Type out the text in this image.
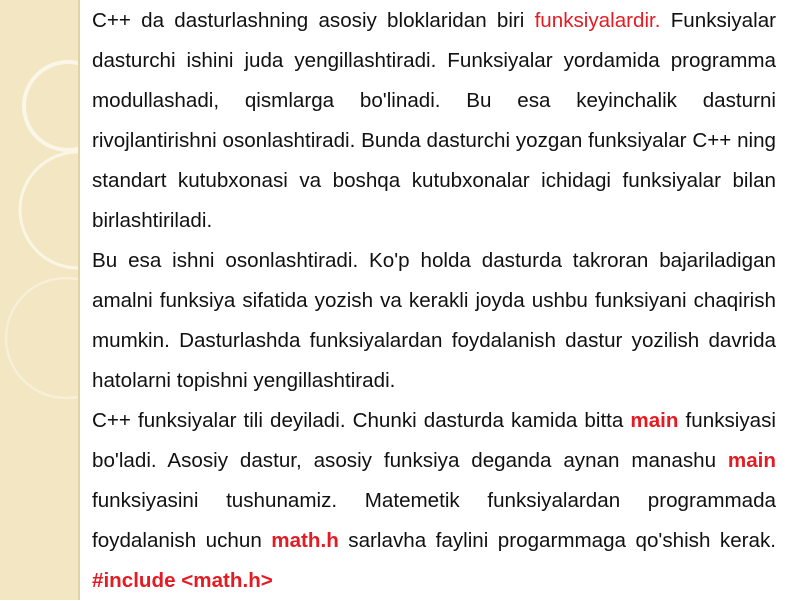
C++ da dasturlashning asosiy bloklaridan biri funksiyalardir. Funksiyalar dasturchi ishini juda yengillashtiradi. Funksiyalar yordamida programma modullashadi, qismlarga bo'linadi. Bu esa keyinchalik dasturni rivojlantirishni osonlashtiradi. Bunda dasturchi yozgan funksiyalar C++ ning standart kutubxonasi va boshqa kutubxonalar ichidagi funksiyalar bilan birlashtiriladi.

Bu esa ishni osonlashtiradi. Ko'p holda dasturda takroran bajariladigan amalni funksiya sifatida yozish va kerakli joyda ushbu funksiyani chaqirish mumkin. Dasturlashda funksiyalardan foydalanish dastur yozilish davrida hatolarni topishni yengillashtiradi.

C++ funksiyalar tili deyiladi. Chunki dasturda kamida bitta main funksiyasi bo'ladi. Asosiy dastur, asosiy funksiya deganda aynan manashu main funksiyasini tushunamiz. Matemetik funksiyalardan programmada foydalanish uchun math.h sarlavha faylini progarmmaga qo'shish kerak. #include <math.h>
